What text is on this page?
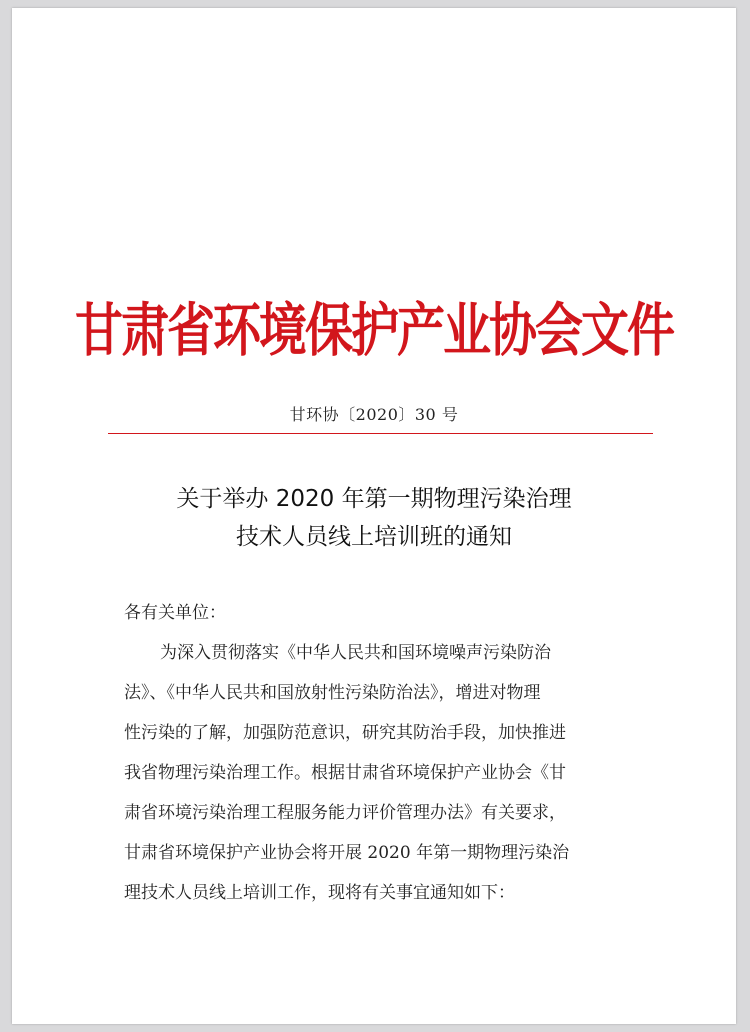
甘肃省环境保护产业协会文件
甘环协〔2020〕30 号
关于举办 2020 年第一期物理污染治理
技术人员线上培训班的通知
各有关单位：
为深入贯彻落实《中华人民共和国环境噪声污染防治
法》、《中华人民共和国放射性污染防治法》，增进对物理
性污染的了解，加强防范意识，研究其防治手段，加快推进
我省物理污染治理工作。根据甘肃省环境保护产业协会《甘
肃省环境污染治理工程服务能力评价管理办法》有关要求，
甘肃省环境保护产业协会将开展 2020 年第一期物理污染治
理技术人员线上培训工作，现将有关事宜通知如下：
